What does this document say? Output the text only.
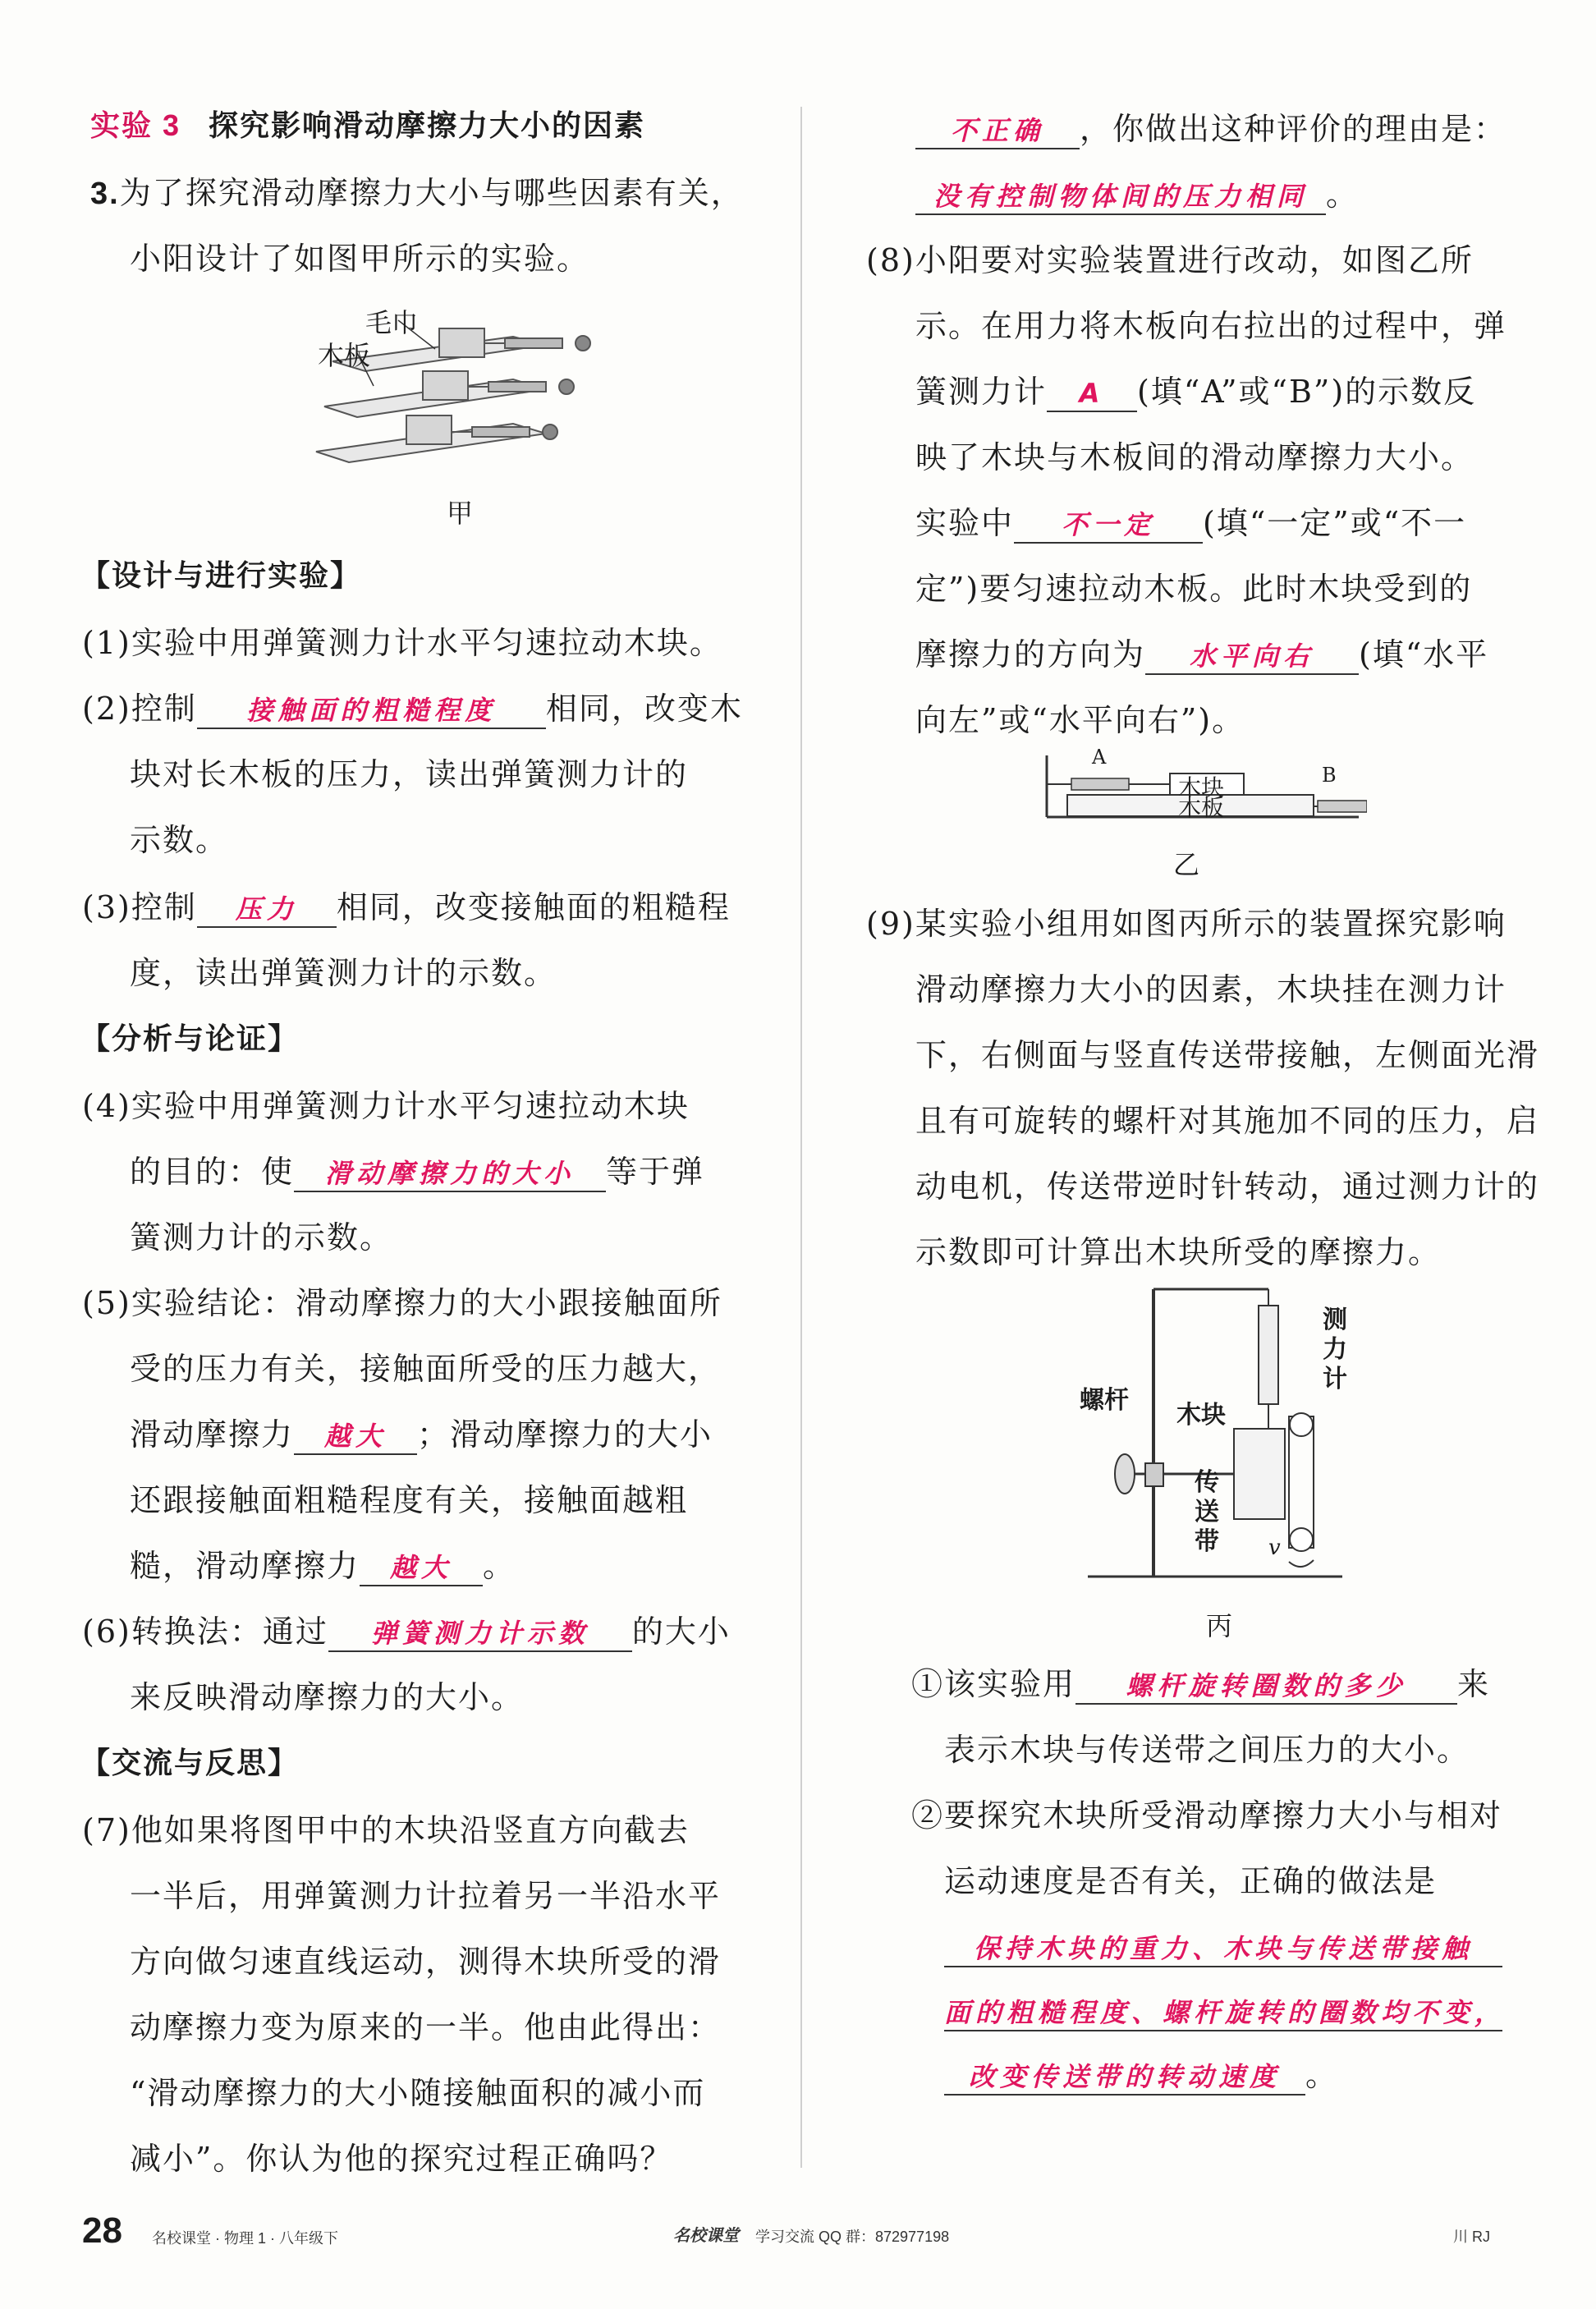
实验 3 探究影响滑动摩擦力大小的因素
3.为了探究滑动摩擦力大小与哪些因素有关，
小阳设计了如图甲所示的实验。
毛巾
木板
甲
【设计与进行实验】
(1)实验中用弹簧测力计水平匀速拉动木块。
(2)控制 接触面的粗糙程度 相同，改变木
块对长木板的压力，读出弹簧测力计的
示数。
(3)控制 压力 相同，改变接触面的粗糙程
度，读出弹簧测力计的示数。
【分析与论证】
(4)实验中用弹簧测力计水平匀速拉动木块
的目的：使 滑动摩擦力的大小 等于弹
簧测力计的示数。
(5)实验结论：滑动摩擦力的大小跟接触面所
受的压力有关，接触面所受的压力越大，
滑动摩擦力 越大 ；滑动摩擦力的大小
还跟接触面粗糙程度有关，接触面越粗
糙，滑动摩擦力 越大 。
(6)转换法：通过 弹簧测力计示数 的大小
来反映滑动摩擦力的大小。
【交流与反思】
(7)他如果将图甲中的木块沿竖直方向截去
一半后，用弹簧测力计拉着另一半沿水平
方向做匀速直线运动，测得木块所受的滑
动摩擦力变为原来的一半。他由此得出：
“滑动摩擦力的大小随接触面积的减小而
减小”。你认为他的探究过程正确吗？
不正确 ，你做出这种评价的理由是：
没有控制物体间的压力相同 。
(8)小阳要对实验装置进行改动，如图乙所
示。在用力将木板向右拉出的过程中，弹
簧测力计 A (填“A”或“B”)的示数反
映了木块与木板间的滑动摩擦力大小。
实验中 不一定 (填“一定”或“不一
定”)要匀速拉动木板。此时木块受到的
摩擦力的方向为 水平向右 (填“水平
向左”或“水平向右”)。
A
B
木块
木板
乙
(9)某实验小组用如图丙所示的装置探究影响
滑动摩擦力大小的因素，木块挂在测力计
下，右侧面与竖直传送带接触，左侧面光滑
且有可旋转的螺杆对其施加不同的压力，启
动电机，传送带逆时针转动，通过测力计的
示数即可计算出木块所受的摩擦力。
测力计
螺杆
木块
传送带 v
丙
①该实验用 螺杆旋转圈数的多少 来
表示木块与传送带之间压力的大小。
②要探究木块所受滑动摩擦力大小与相对
运动速度是否有关，正确的做法是
保持木块的重力、木块与传送带接触
面的粗糙程度、螺杆旋转的圈数均不变，
改变传送带的转动速度 。
28 名校课堂 · 物理 1 · 八年级下	名校课堂 学习交流 QQ 群：872977198	川 RJ
